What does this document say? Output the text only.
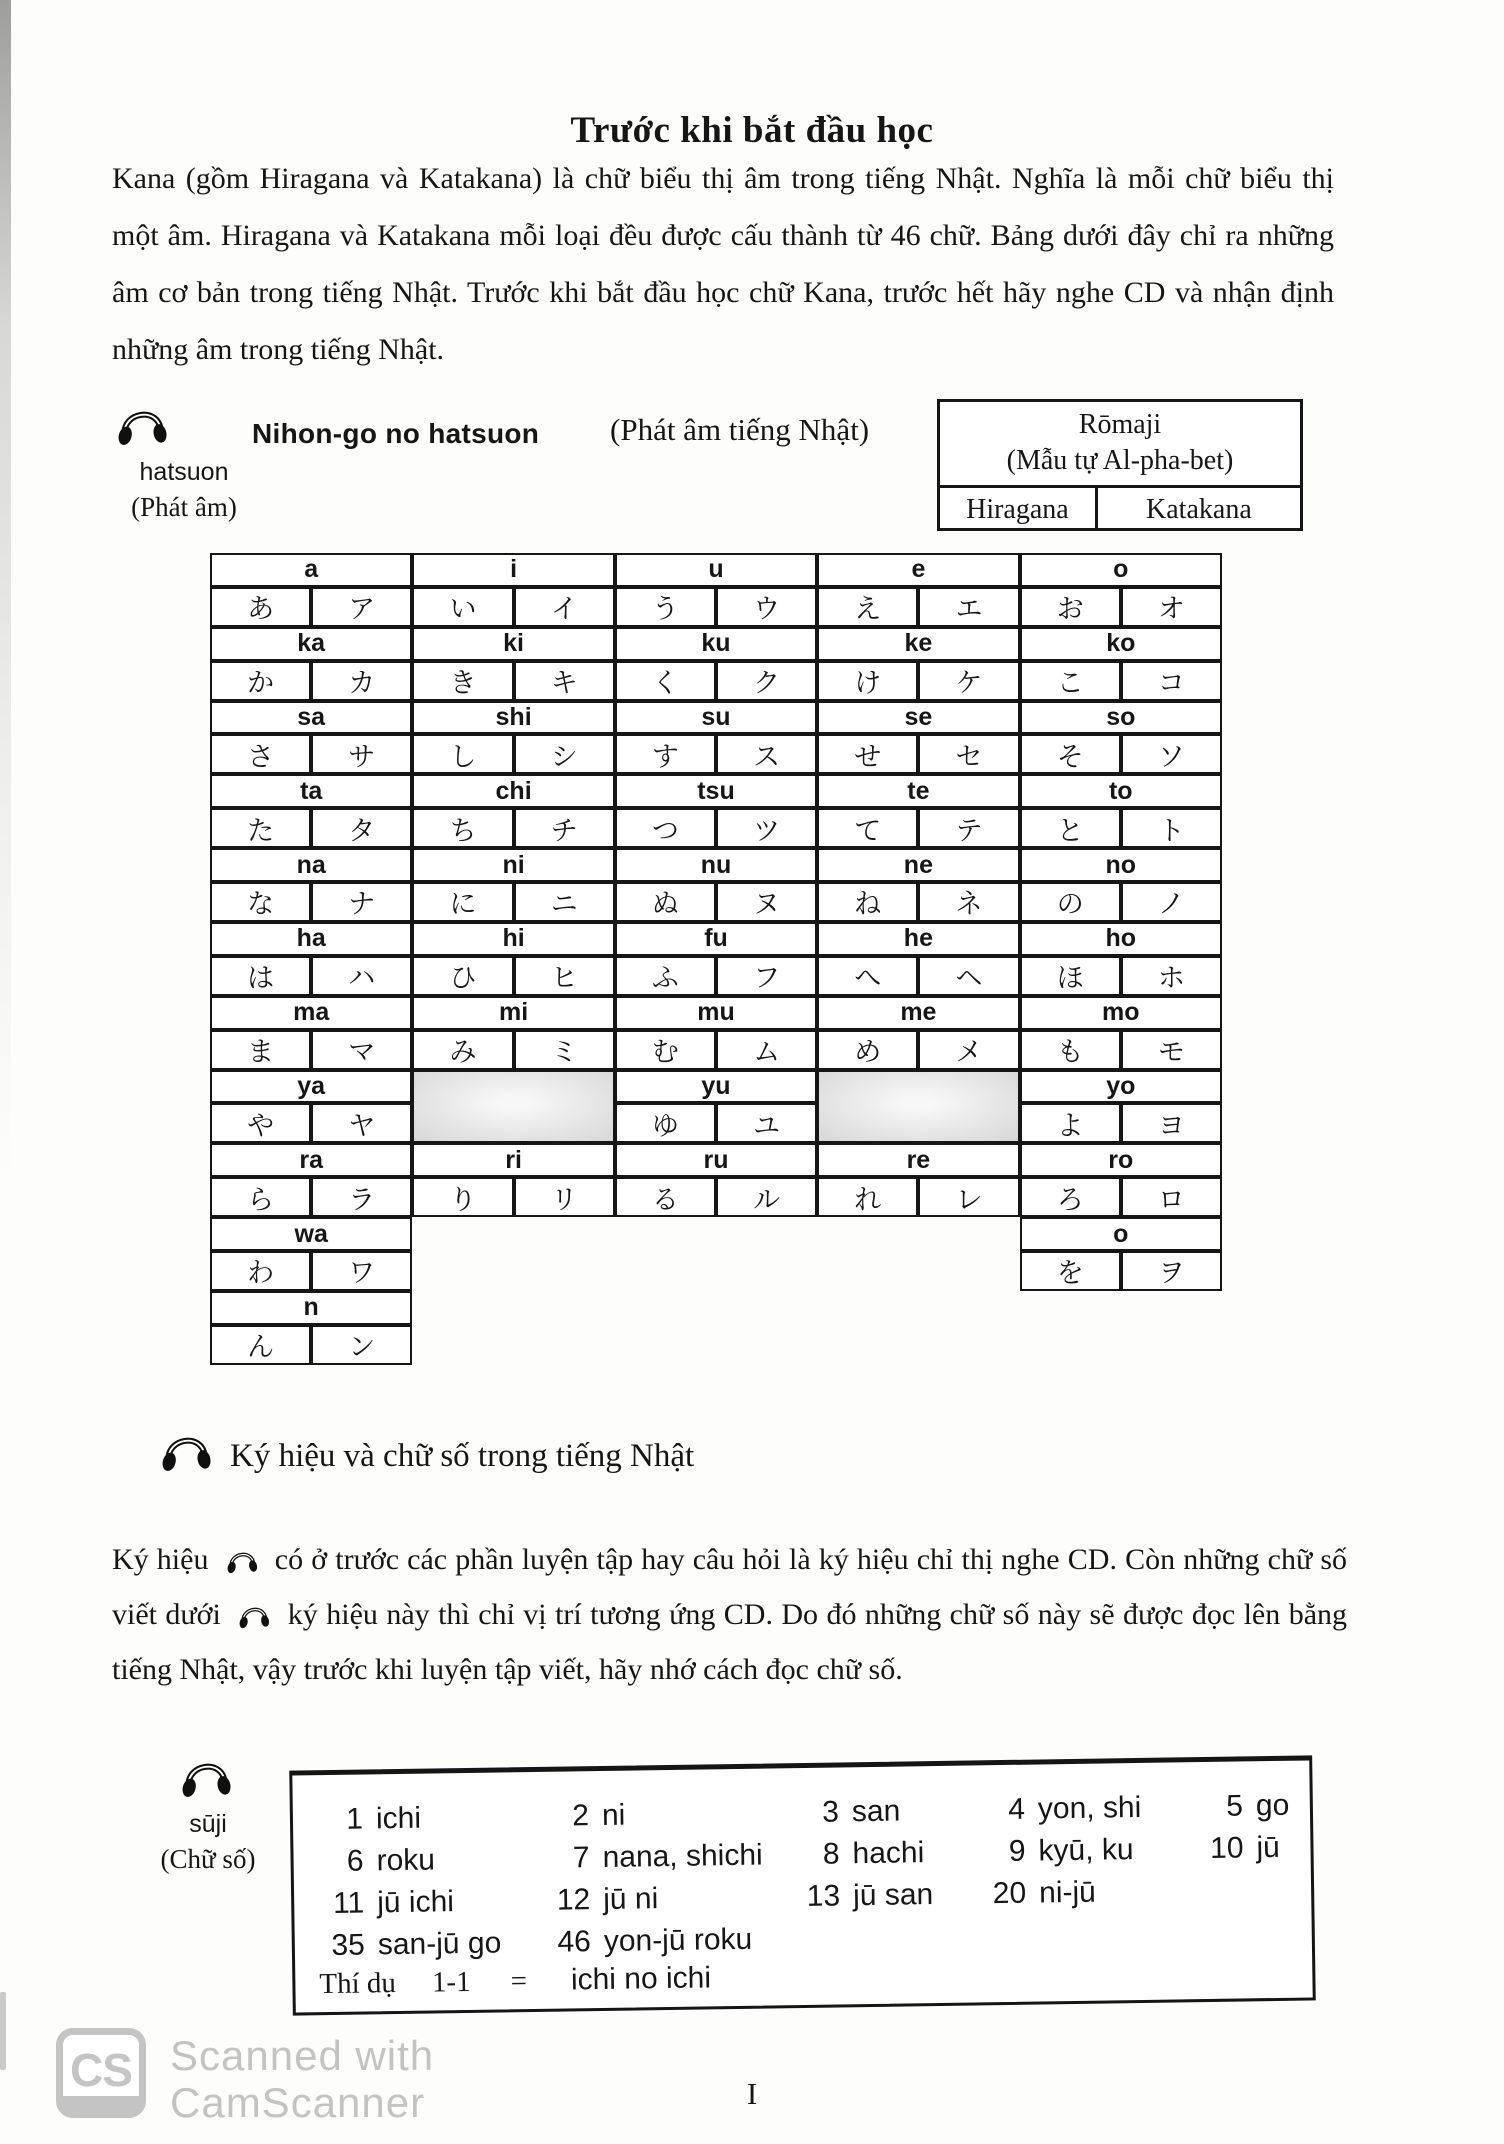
Trước khi bắt đầu học

Kana (gồm Hiragana và Katakana) là chữ biểu thị âm trong tiếng Nhật. Nghĩa là mỗi chữ biểu thị một âm. Hiragana và Katakana mỗi loại đều được cấu thành từ 46 chữ. Bảng dưới đây chỉ ra những âm cơ bản trong tiếng Nhật. Trước khi bắt đầu học chữ Kana, trước hết hãy nghe CD và nhận định những âm trong tiếng Nhật.

hatsuon
(Phát âm)
Nihon-go no hatsuon (Phát âm tiếng Nhật)	Rōmaji
(Mẫu tự Al-pha-bet)
Hiragana	Katakana
a
あ	ア
i
い	イ
u
う	ウ
e
え	エ
o
お	オ
ka
か	カ
ki
き	キ
ku
く	ク
ke
け	ケ
ko
こ	コ
sa
さ	サ
shi
し	シ
su
す	ス
se
せ	セ
so
そ	ソ
ta
た	タ
chi
ち	チ
tsu
つ	ツ
te
て	テ
to
と	ト
na
な	ナ
ni
に	ニ
nu
ぬ	ヌ
ne
ね	ネ
no
の	ノ
ha
は	ハ
hi
ひ	ヒ
fu
ふ	フ
he
へ	ヘ
ho
ほ	ホ
ma
ま	マ
mi
み	ミ
mu
む	ム
me
め	メ
mo
も	モ
ya
や	ヤ
yu
ゆ	ユ
yo
よ	ヨ
ra
ら	ラ
ri
り	リ
ru
る	ル
re
れ	レ
ro
ろ	ロ
wa
わ	ワ
o
を	ヲ
n
ん	ン
Ký hiệu và chữ số trong tiếng Nhật

Ký hiệu có ở trước các phần luyện tập hay câu hỏi là ký hiệu chỉ thị nghe CD. Còn những chữ số viết dưới ký hiệu này thì chỉ vị trí tương ứng CD. Do đó những chữ số này sẽ được đọc lên bằng tiếng Nhật, vậy trước khi luyện tập viết, hãy nhớ cách đọc chữ số.

sūji
(Chữ số)
1 ichi	2 ni	3 san	4 yon, shi	5 go
6 roku	7 nana, shichi	8 hachi	9 kyū, ku	10 jū
11 jū ichi	12 jū ni	13 jū san	20 ni-jū
35 san-jū go	46 yon-jū roku
Thí dụ 1-1 = ichi no ichi
CS Scanned with
CamScanner	I
